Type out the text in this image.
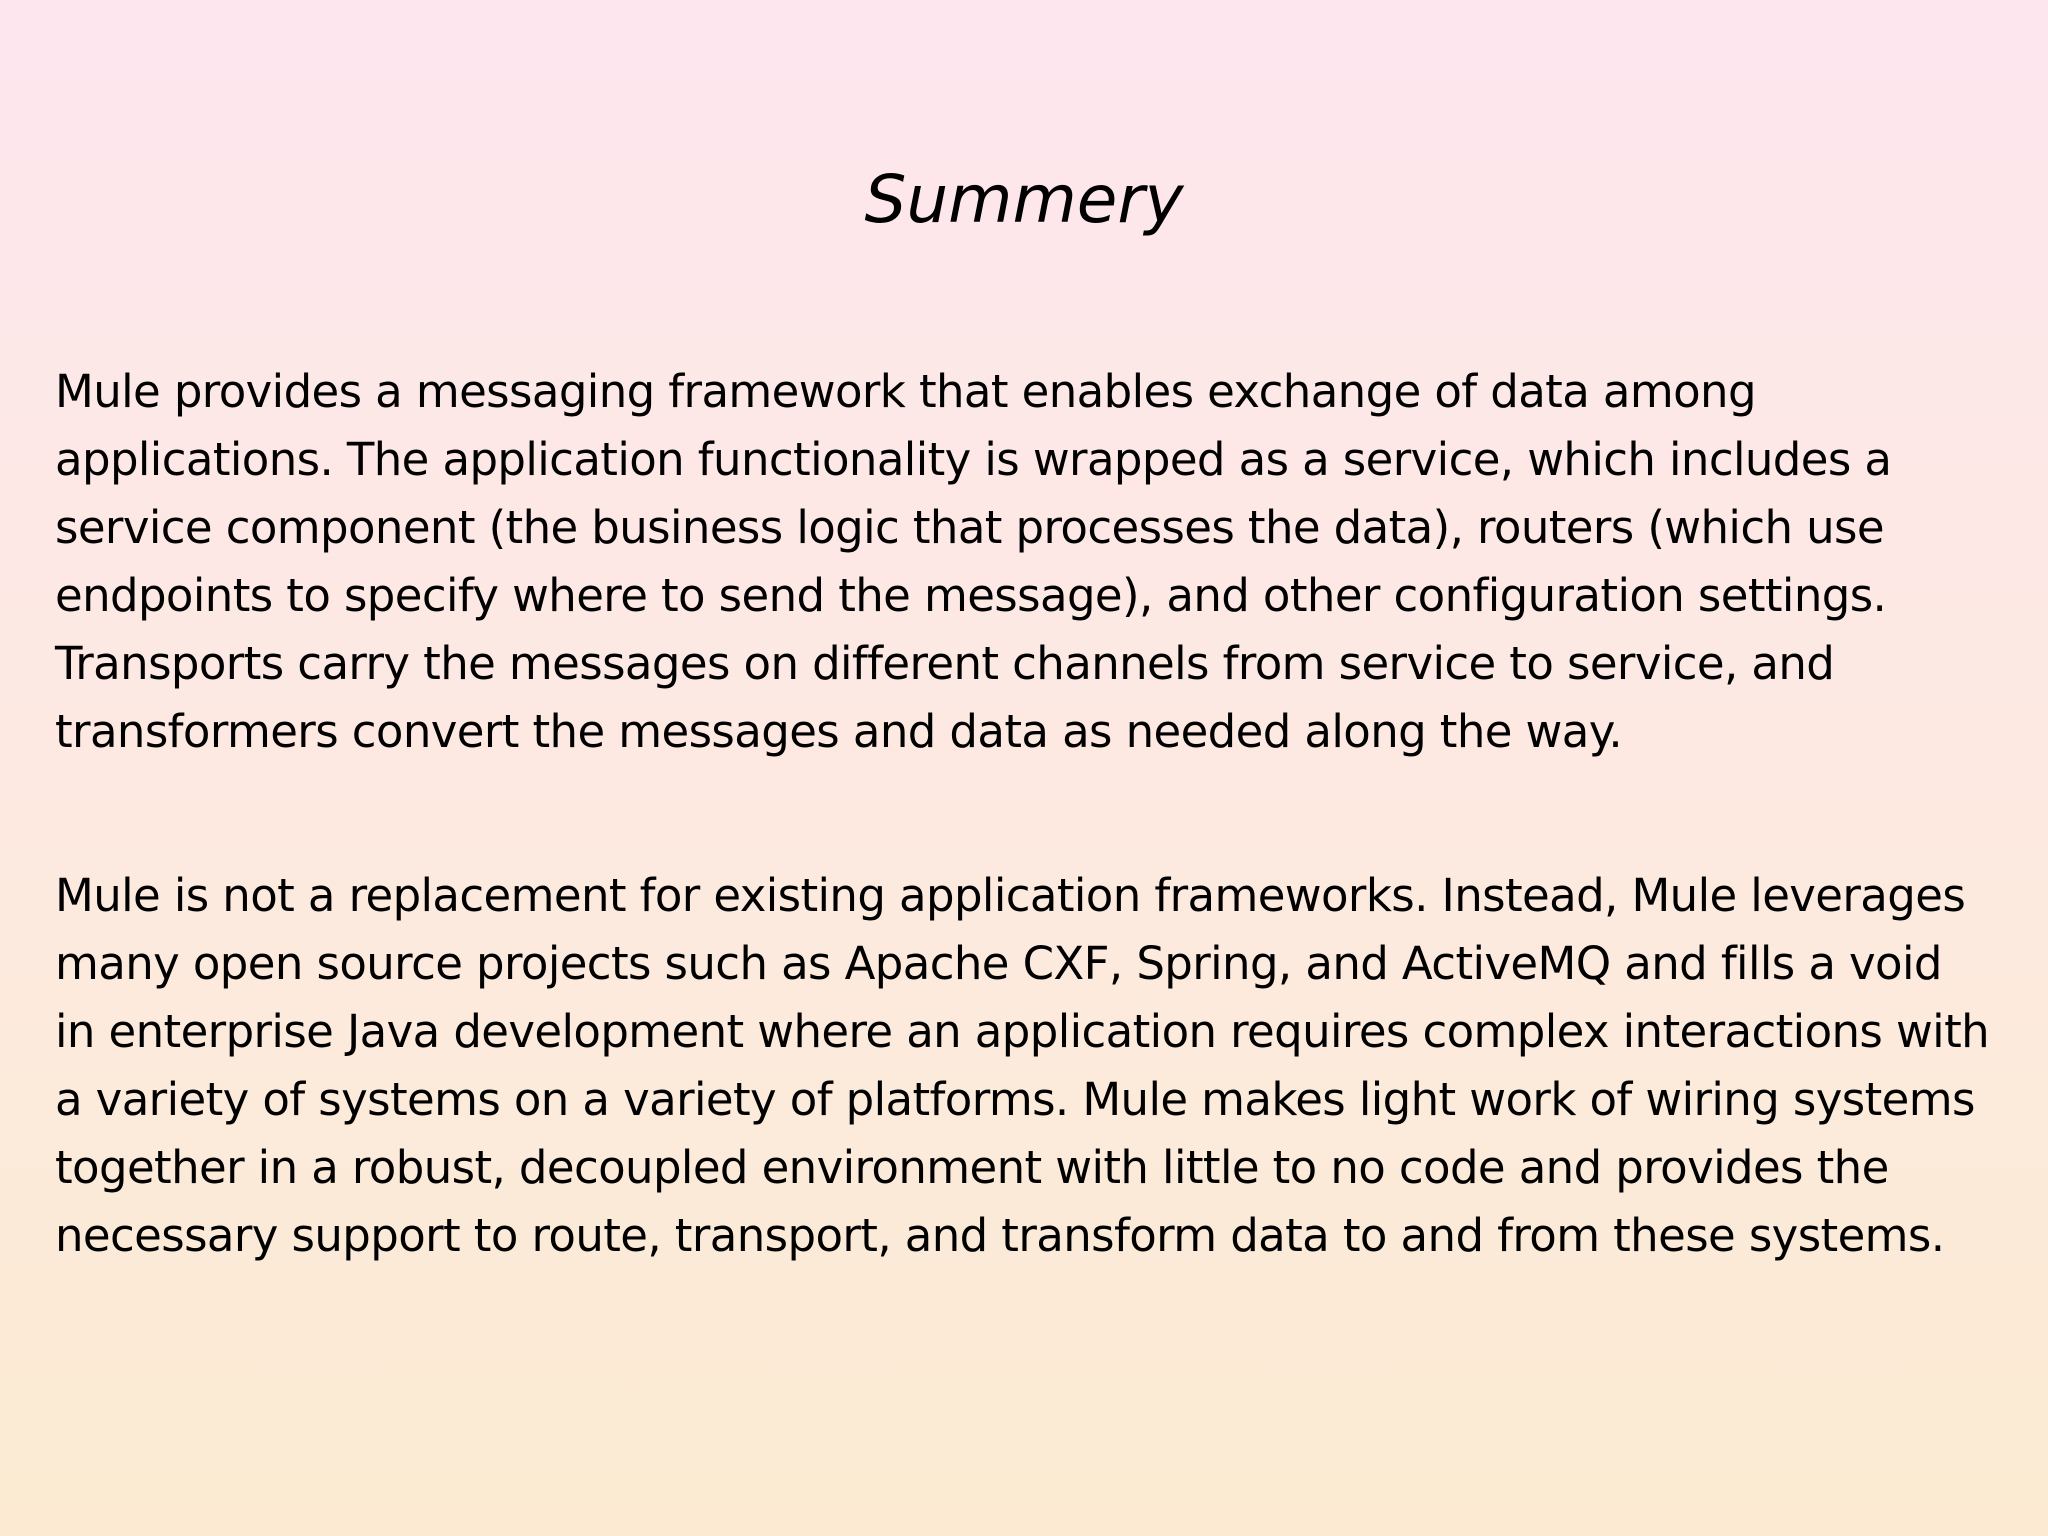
Summery

Mule provides a messaging framework that enables exchange of data among applications. The application functionality is wrapped as a service, which includes a service component (the business logic that processes the data), routers (which use endpoints to specify where to send the message), and other configuration settings. Transports carry the messages on different channels from service to service, and transformers convert the messages and data as needed along the way.

Mule is not a replacement for existing application frameworks. Instead, Mule leverages many open source projects such as Apache CXF, Spring, and ActiveMQ and fills a void in enterprise Java development where an application requires complex interactions with a variety of systems on a variety of platforms. Mule makes light work of wiring systems together in a robust, decoupled environment with little to no code and provides the necessary support to route, transport, and transform data to and from these systems.
